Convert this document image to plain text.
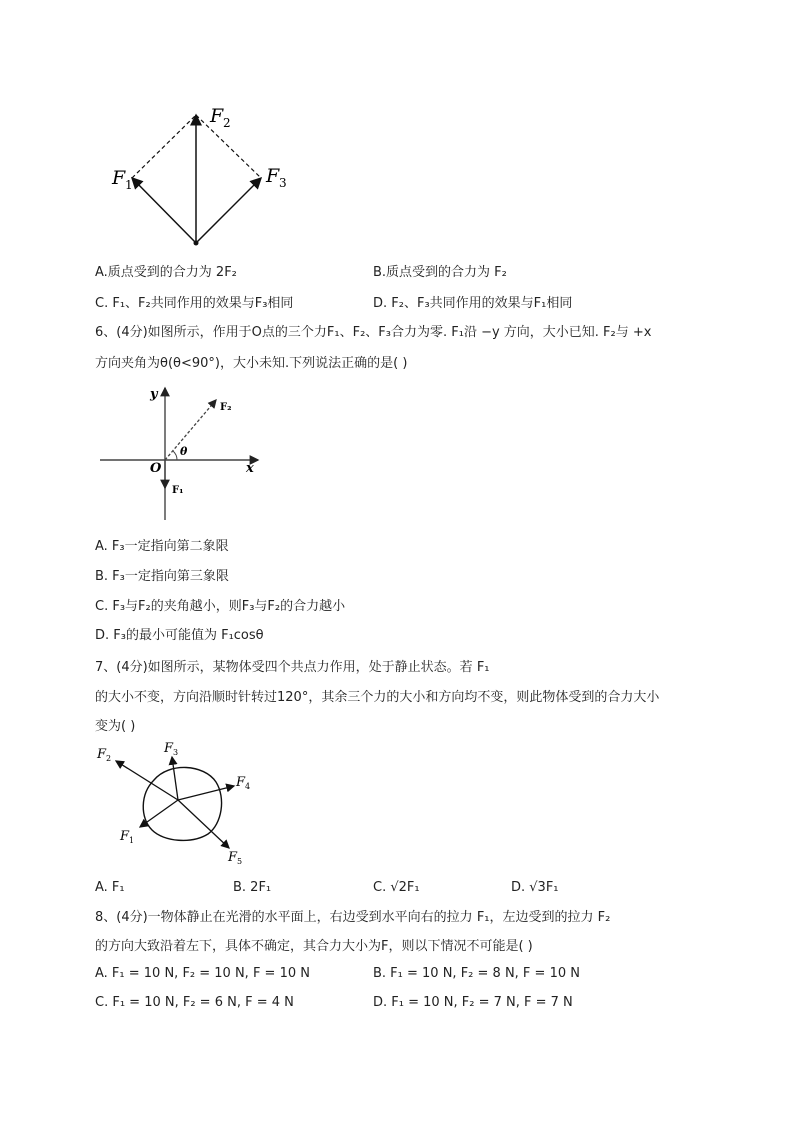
F 1
F 2
F 3
A.质点受到的合力为 2F₂	B.质点受到的合力为 F₂
C. F₁、F₂共同作用的效果与F₃相同	D. F₂、F₃共同作用的效果与F₁相同
6、(4分)如图所示，作用于O点的三个力F₁、F₂、F₃合力为零. F₁沿 −y 方向，大小已知. F₂与 +x
方向夹角为θ(θ<90°)，大小未知.下列说法正确的是( )
y
x
O
θ
F₁
F₂
A. F₃一定指向第二象限
B. F₃一定指向第三象限
C. F₃与F₂的夹角越小，则F₃与F₂的合力越小
D. F₃的最小可能值为 F₁cosθ
7、(4分)如图所示，某物体受四个共点力作用，处于静止状态。若 F₁
的大小不变，方向沿顺时针转过120°，其余三个力的大小和方向均不变，则此物体受到的合力大小
变为( )
F 2
F 3
F 4
F 1
F 5
A. F₁	B. 2F₁	C. √2F₁	D. √3F₁
8、(4分)一物体静止在光滑的水平面上，右边受到水平向右的拉力 F₁，左边受到的拉力 F₂
的方向大致沿着左下，具体不确定，其合力大小为F，则以下情况不可能是( )
A. F₁ = 10 N, F₂ = 10 N, F = 10 N	B. F₁ = 10 N, F₂ = 8 N, F = 10 N
C. F₁ = 10 N, F₂ = 6 N, F = 4 N	D. F₁ = 10 N, F₂ = 7 N, F = 7 N
